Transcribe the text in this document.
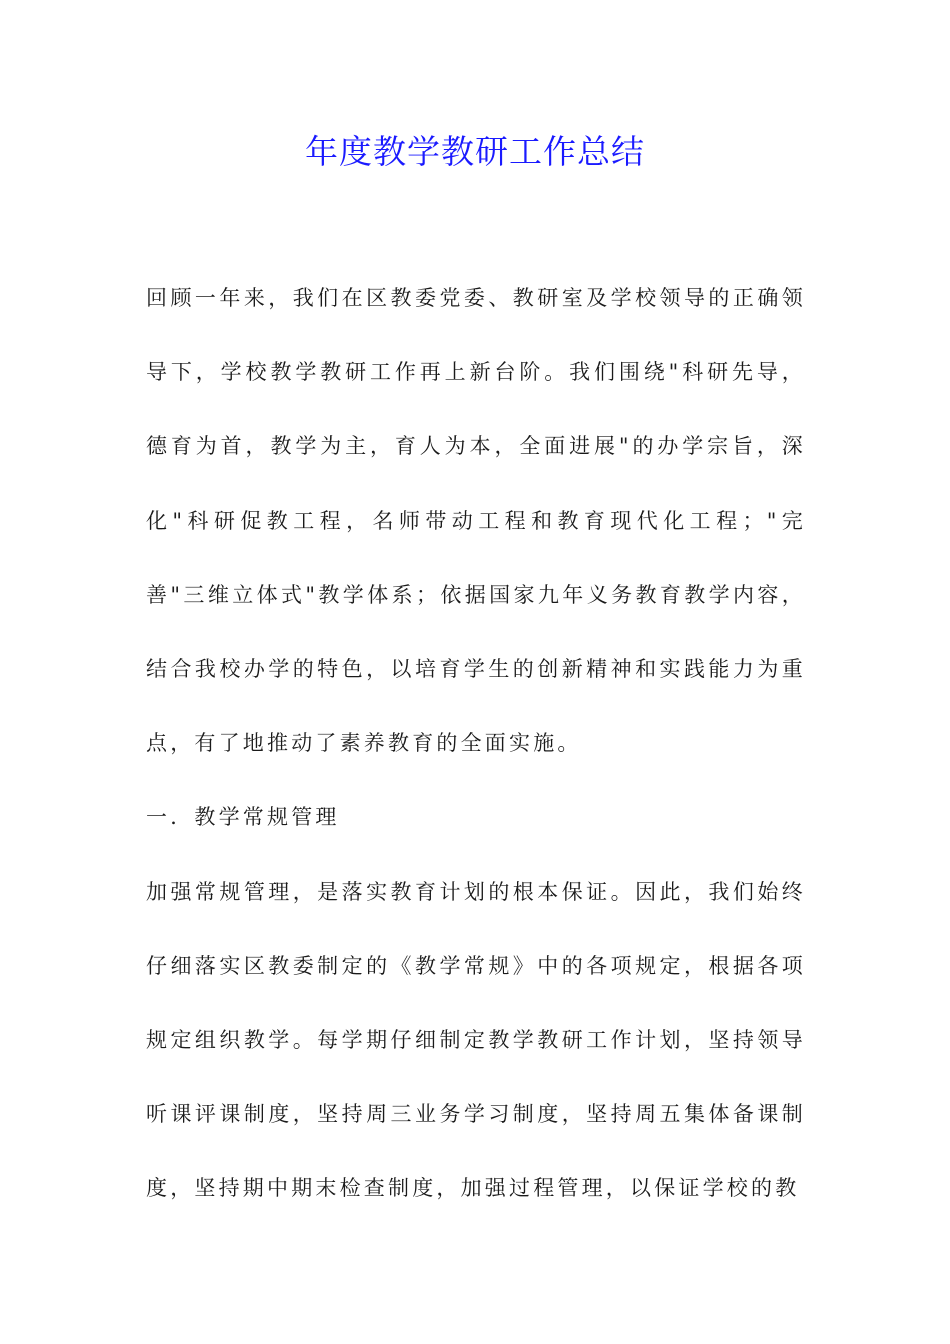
年度教学教研工作总结

回顾一年来，我们在区教委党委、教研室及学校领导的正确领导下，学校教学教研工作再上新台阶。我们围绕"科研先导，德育为首，教学为主，育人为本，全面进展"的办学宗旨，深化"科研促教工程，名师带动工程和教育现代化工程；"完善"三维立体式"教学体系；依据国家九年义务教育教学内容，结合我校办学的特色，以培育学生的创新精神和实践能力为重点，有了地推动了素养教育的全面实施。

一．教学常规管理

加强常规管理，是落实教育计划的根本保证。因此，我们始终仔细落实区教委制定的《教学常规》中的各项规定，根据各项规定组织教学。每学期仔细制定教学教研工作计划，坚持领导听课评课制度，坚持周三业务学习制度，坚持周五集体备课制度，坚持期中期末检查制度，加强过程管理，以保证学校的教
